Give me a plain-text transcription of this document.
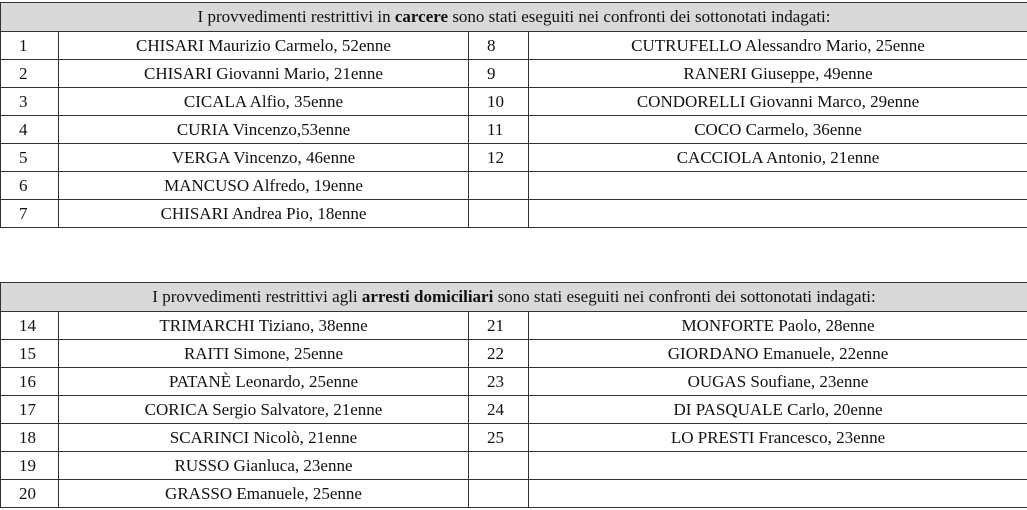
I provvedimenti restrittivi in carcere sono stati eseguiti nei confronti dei sottonotati indagati:			
1	CHISARI Maurizio Carmelo, 52enne	8	CUTRUFELLO Alessandro Mario, 25enne
2	CHISARI Giovanni Mario, 21enne	9	RANERI Giuseppe, 49enne
3	CICALA Alfio, 35enne	10	CONDORELLI Giovanni Marco, 29enne
4	CURIA Vincenzo,53enne	11	COCO Carmelo, 36enne
5	VERGA Vincenzo, 46enne	12	CACCIOLA Antonio, 21enne
6	MANCUSO Alfredo, 19enne		
7	CHISARI Andrea Pio, 18enne		
I provvedimenti restrittivi agli arresti domiciliari sono stati eseguiti nei confronti dei sottonotati indagati:			
14	TRIMARCHI Tiziano, 38enne	21	MONFORTE Paolo, 28enne
15	RAITI Simone, 25enne	22	GIORDANO Emanuele, 22enne
16	PATANÈ Leonardo, 25enne	23	OUGAS Soufiane, 23enne
17	CORICA Sergio Salvatore, 21enne	24	DI PASQUALE Carlo, 20enne
18	SCARINCI Nicolò, 21enne	25	LO PRESTI Francesco, 23enne
19	RUSSO Gianluca, 23enne		
20	GRASSO Emanuele, 25enne		
